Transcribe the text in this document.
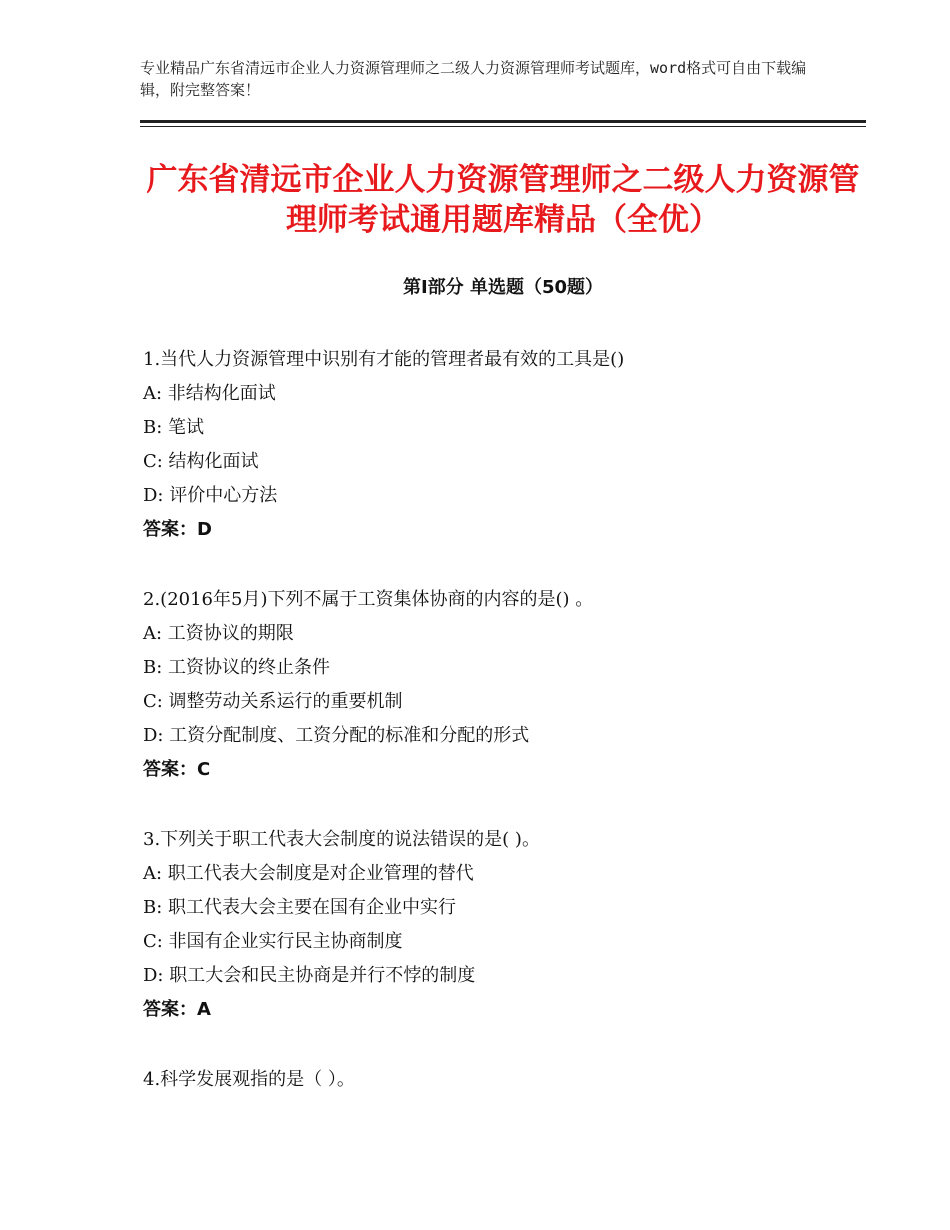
专业精品广东省清远市企业人力资源管理师之二级人力资源管理师考试题库，word格式可自由下载编辑，附完整答案！
广东省清远市企业人力资源管理师之二级人力资源管理师考试通用题库精品（全优）
第Ⅰ部分 单选题（50题）
1.当代人力资源管理中识别有才能的管理者最有效的工具是()
A: 非结构化面试
B: 笔试
C: 结构化面试
D: 评价中心方法
答案：D
2.(2016年5月)下列不属于工资集体协商的内容的是() 。
A: 工资协议的期限
B: 工资协议的终止条件
C: 调整劳动关系运行的重要机制
D: 工资分配制度、工资分配的标准和分配的形式
答案：C
3.下列关于职工代表大会制度的说法错误的是( )。
A: 职工代表大会制度是对企业管理的替代
B: 职工代表大会主要在国有企业中实行
C: 非国有企业实行民主协商制度
D: 职工大会和民主协商是并行不悖的制度
答案：A
4.科学发展观指的是（ ）。
